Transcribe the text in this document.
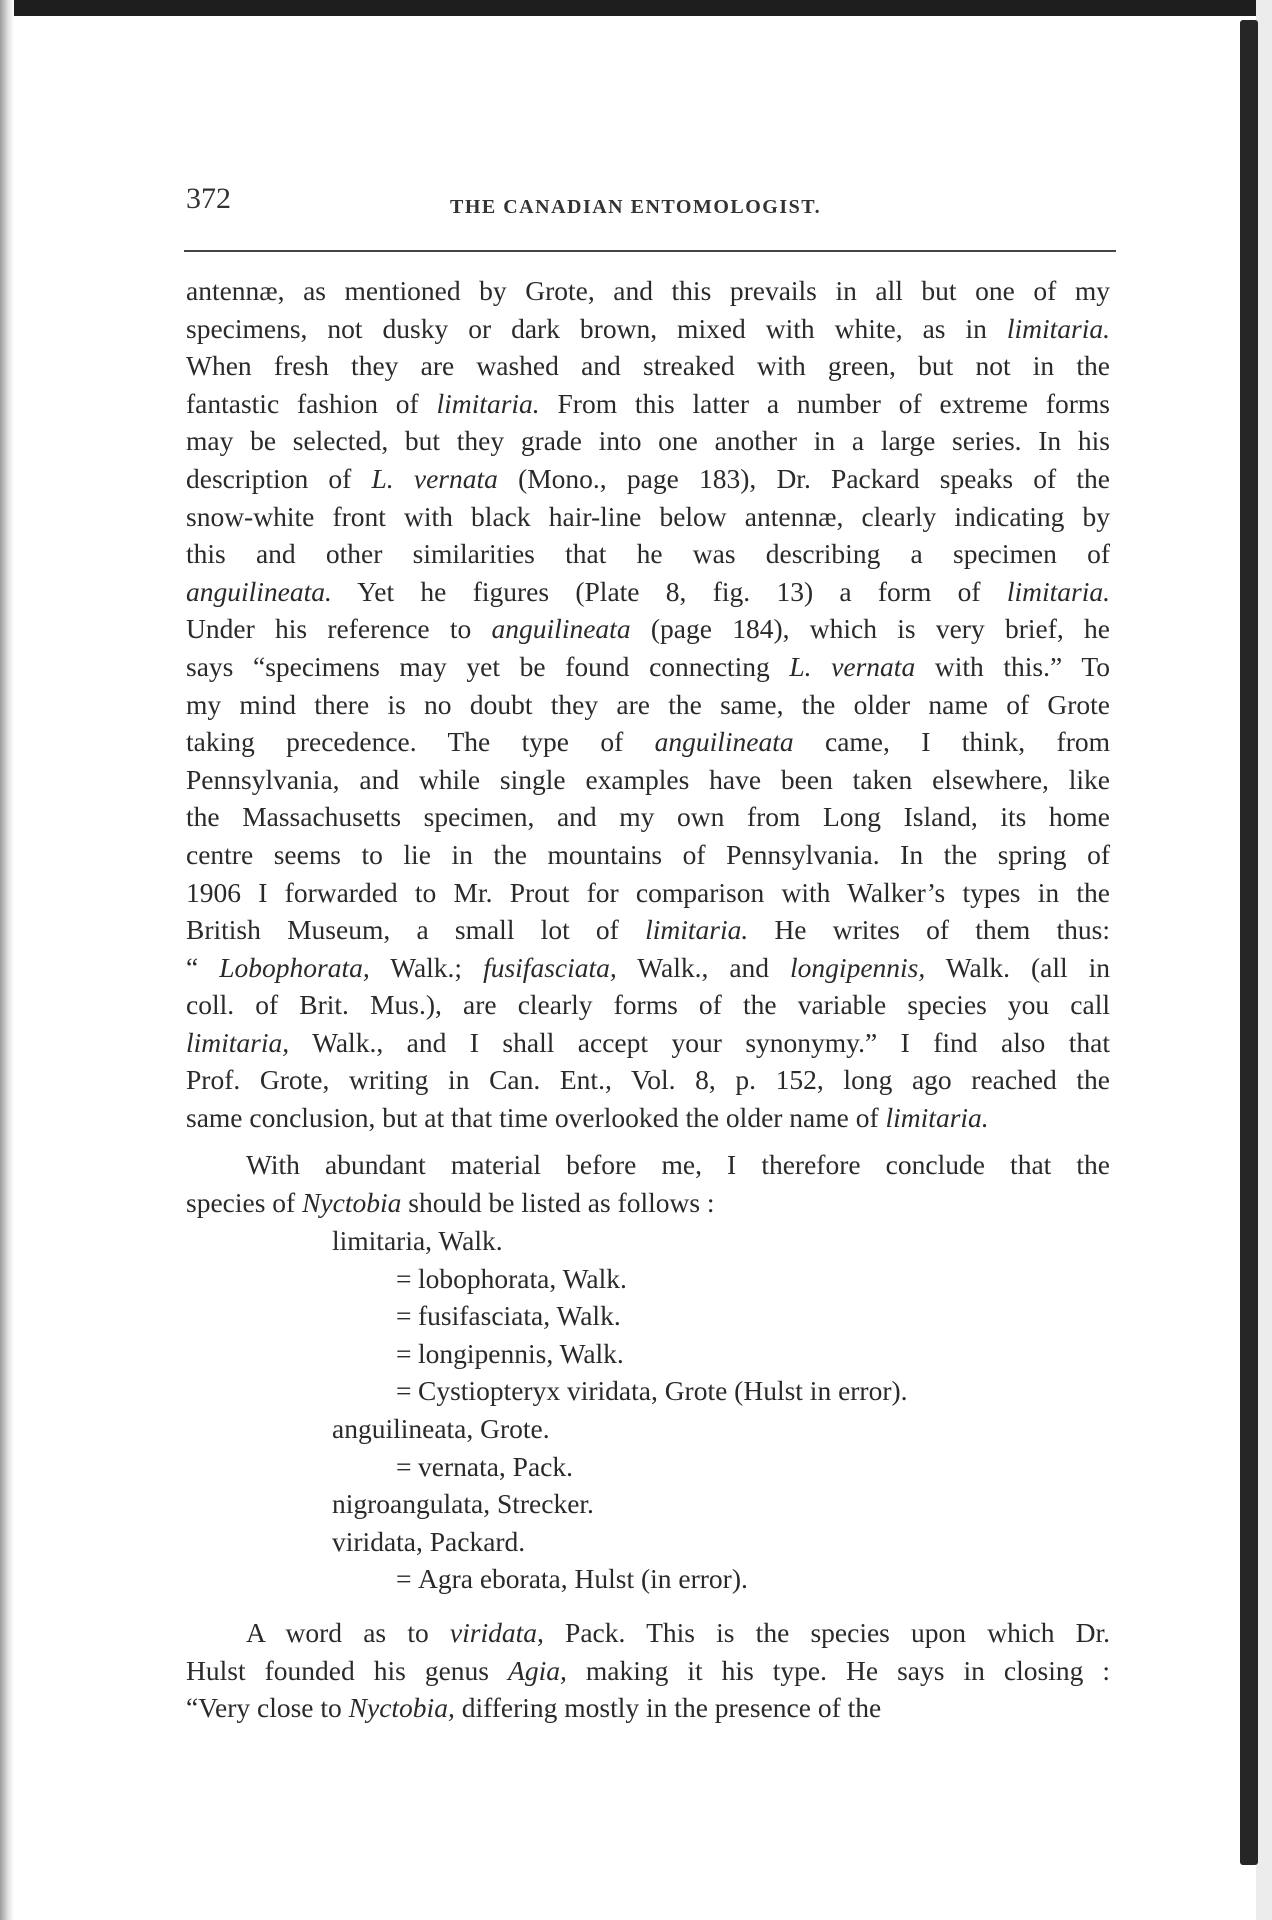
372	THE CANADIAN ENTOMOLOGIST.
antennæ, as mentioned by Grote, and this prevails in all but one of my
specimens, not dusky or dark brown, mixed with white, as in limitaria.
When fresh they are washed and streaked with green, but not in the
fantastic fashion of limitaria. From this latter a number of extreme forms
may be selected, but they grade into one another in a large series. In his
description of L. vernata (Mono., page 183), Dr. Packard speaks of the
snow-white front with black hair-line below antennæ, clearly indicating by
this and other similarities that he was describing a specimen of
anguilineata. Yet he figures (Plate 8, fig. 13) a form of limitaria.
Under his reference to anguilineata (page 184), which is very brief, he
says “specimens may yet be found connecting L. vernata with this.” To
my mind there is no doubt they are the same, the older name of Grote
taking precedence. The type of anguilineata came, I think, from
Pennsylvania, and while single examples have been taken elsewhere, like
the Massachusetts specimen, and my own from Long Island, its home
centre seems to lie in the mountains of Pennsylvania. In the spring of
1906 I forwarded to Mr. Prout for comparison with Walker’s types in the
British Museum, a small lot of limitaria. He writes of them thus:
“ Lobophorata, Walk.; fusifasciata, Walk., and longipennis, Walk. (all in
coll. of Brit. Mus.), are clearly forms of the variable species you call
limitaria, Walk., and I shall accept your synonymy.” I find also that
Prof. Grote, writing in Can. Ent., Vol. 8, p. 152, long ago reached the
same conclusion, but at that time overlooked the older name of limitaria.
With abundant material before me, I therefore conclude that the
species of Nyctobia should be listed as follows :
limitaria, Walk.
= lobophorata, Walk.
= fusifasciata, Walk.
= longipennis, Walk.
= Cystiopteryx viridata, Grote (Hulst in error).
anguilineata, Grote.
= vernata, Pack.
nigroangulata, Strecker.
viridata, Packard.
= Agra eborata, Hulst (in error).
A word as to viridata, Pack. This is the species upon which Dr.
Hulst founded his genus Agia, making it his type. He says in closing :
“Very close to Nyctobia, differing mostly in the presence of the
